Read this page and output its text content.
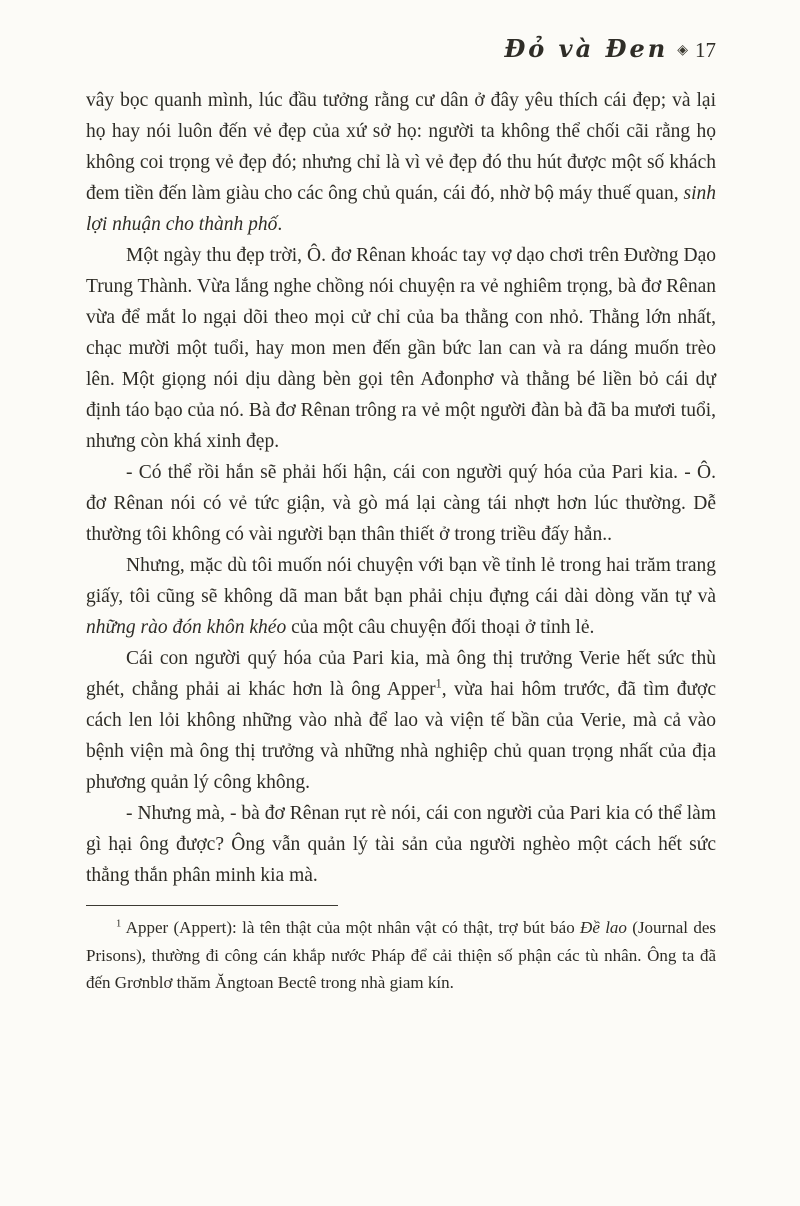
Đỏ và Đen ◈ 17

vây bọc quanh mình, lúc đầu tưởng rằng cư dân ở đây yêu thích cái đẹp; và lại họ hay nói luôn đến vẻ đẹp của xứ sở họ: người ta không thể chối cãi rằng họ không coi trọng vẻ đẹp đó; nhưng chỉ là vì vẻ đẹp đó thu hút được một số khách đem tiền đến làm giàu cho các ông chủ quán, cái đó, nhờ bộ máy thuế quan, sinh lợi nhuận cho thành phố.

Một ngày thu đẹp trời, Ô. đơ Rênan khoác tay vợ dạo chơi trên Đường Dạo Trung Thành. Vừa lắng nghe chồng nói chuyện ra vẻ nghiêm trọng, bà đơ Rênan vừa để mắt lo ngại dõi theo mọi cử chỉ của ba thằng con nhỏ. Thằng lớn nhất, chạc mười một tuổi, hay mon men đến gần bức lan can và ra dáng muốn trèo lên. Một giọng nói dịu dàng bèn gọi tên Ađonphơ và thằng bé liền bỏ cái dự định táo bạo của nó. Bà đơ Rênan trông ra vẻ một người đàn bà đã ba mươi tuổi, nhưng còn khá xinh đẹp.

- Có thể rồi hắn sẽ phải hối hận, cái con người quý hóa của Pari kia. - Ô. đơ Rênan nói có vẻ tức giận, và gò má lại càng tái nhợt hơn lúc thường. Dễ thường tôi không có vài người bạn thân thiết ở trong triều đấy hẳn..

Nhưng, mặc dù tôi muốn nói chuyện với bạn về tỉnh lẻ trong hai trăm trang giấy, tôi cũng sẽ không dã man bắt bạn phải chịu đựng cái dài dòng văn tự và những rào đón khôn khéo của một câu chuyện đối thoại ở tỉnh lẻ.

Cái con người quý hóa của Pari kia, mà ông thị trưởng Verie hết sức thù ghét, chẳng phải ai khác hơn là ông Apper$^1$, vừa hai hôm trước, đã tìm được cách len lỏi không những vào nhà để lao và viện tế bần của Verie, mà cả vào bệnh viện mà ông thị trưởng và những nhà nghiệp chủ quan trọng nhất của địa phương quản lý công không.

- Nhưng mà, - bà đơ Rênan rụt rè nói, cái con người của Pari kia có thể làm gì hại ông được? Ông vẫn quản lý tài sản của người nghèo một cách hết sức thẳng thắn phân minh kia mà.

$^1$ Apper (Appert): là tên thật của một nhân vật có thật, trợ bút báo Đề lao (Journal des Prisons), thường đi công cán khắp nước Pháp để cải thiện số phận các tù nhân. Ông ta đã đến Grơnblơ thăm Ăngtoan Bectê trong nhà giam kín.
